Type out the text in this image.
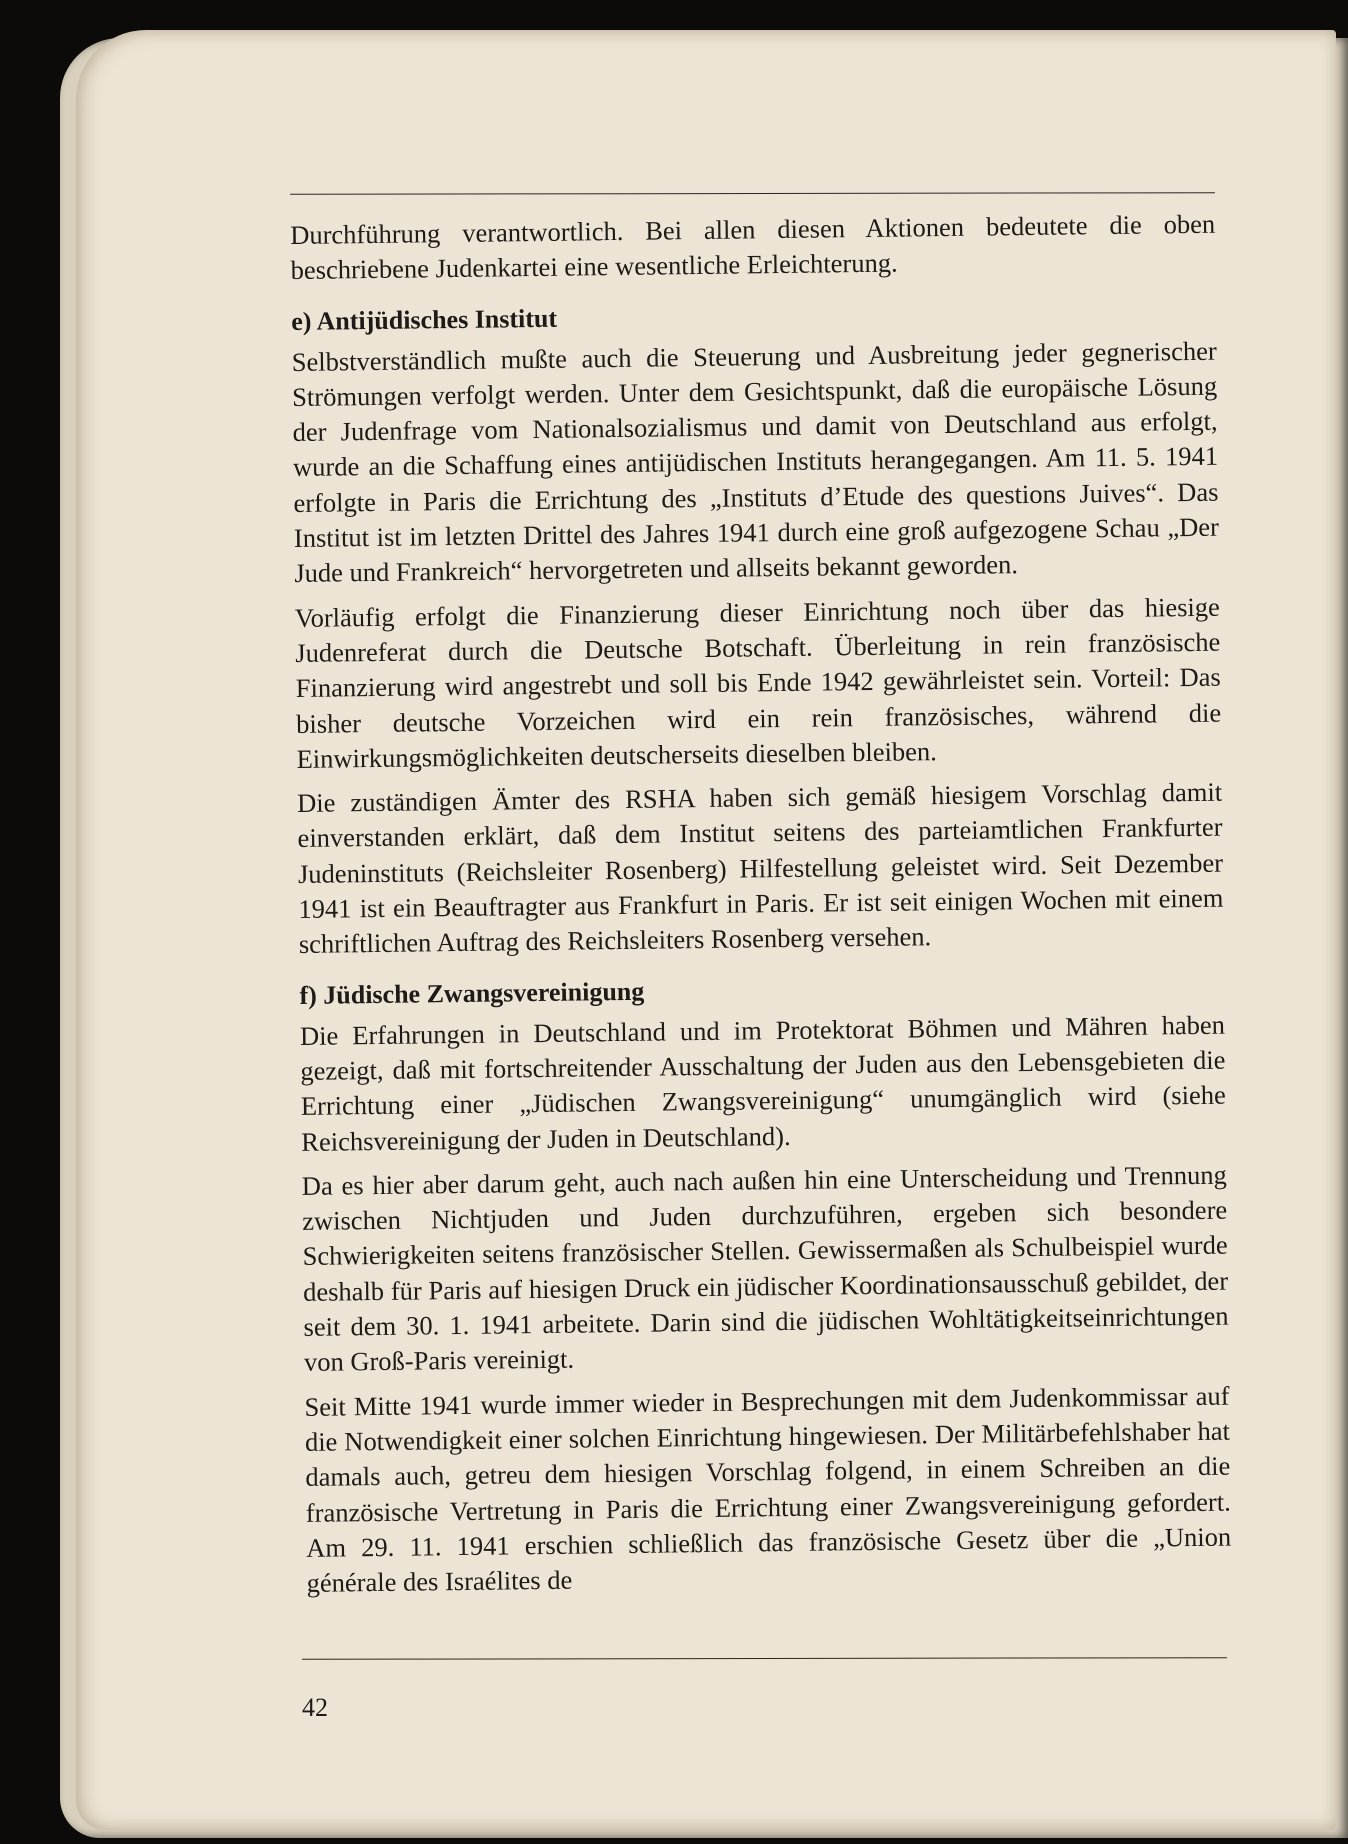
Durchführung verantwortlich. Bei allen diesen Aktionen bedeutete die oben beschriebene Judenkartei eine wesentliche Erleichterung.

e) Antijüdisches Institut

Selbstverständlich mußte auch die Steuerung und Ausbreitung jeder gegnerischer Strömungen verfolgt werden. Unter dem Gesichtspunkt, daß die europäische Lösung der Judenfrage vom Nationalsozialismus und damit von Deutschland aus erfolgt, wurde an die Schaffung eines antijüdischen Instituts herangegangen. Am 11. 5. 1941 erfolgte in Paris die Errichtung des „Instituts d’Etude des questions Juives“. Das Institut ist im letzten Drittel des Jahres 1941 durch eine groß aufgezogene Schau „Der Jude und Frankreich“ hervorgetreten und allseits bekannt geworden.

Vorläufig erfolgt die Finanzierung dieser Einrichtung noch über das hiesige Judenreferat durch die Deutsche Botschaft. Überleitung in rein französische Finanzierung wird angestrebt und soll bis Ende 1942 gewährleistet sein. Vorteil: Das bisher deutsche Vorzeichen wird ein rein französisches, während die Einwirkungsmöglichkeiten deutscherseits dieselben bleiben.

Die zuständigen Ämter des RSHA haben sich gemäß hiesigem Vorschlag damit einverstanden erklärt, daß dem Institut seitens des parteiamtlichen Frankfurter Judeninstituts (Reichsleiter Rosenberg) Hilfestellung geleistet wird. Seit Dezember 1941 ist ein Beauftragter aus Frankfurt in Paris. Er ist seit einigen Wochen mit einem schriftlichen Auftrag des Reichsleiters Rosenberg versehen.

f) Jüdische Zwangsvereinigung

Die Erfahrungen in Deutschland und im Protektorat Böhmen und Mähren haben gezeigt, daß mit fortschreitender Ausschaltung der Juden aus den Lebensgebieten die Errichtung einer „Jüdischen Zwangsvereinigung“ unumgänglich wird (siehe Reichsvereinigung der Juden in Deutschland).

Da es hier aber darum geht, auch nach außen hin eine Unterscheidung und Trennung zwischen Nichtjuden und Juden durchzuführen, ergeben sich besondere Schwierigkeiten seitens französischer Stellen. Gewissermaßen als Schulbeispiel wurde deshalb für Paris auf hiesigen Druck ein jüdischer Koordinationsausschuß gebildet, der seit dem 30. 1. 1941 arbeitete. Darin sind die jüdischen Wohltätigkeitseinrichtungen von Groß-Paris vereinigt.

Seit Mitte 1941 wurde immer wieder in Besprechungen mit dem Judenkommissar auf die Notwendigkeit einer solchen Einrichtung hingewiesen. Der Militärbefehlshaber hat damals auch, getreu dem hiesigen Vorschlag folgend, in einem Schreiben an die französische Vertretung in Paris die Errichtung einer Zwangsvereinigung gefordert. Am 29. 11. 1941 erschien schließlich das französische Gesetz über die „Union générale des Israélites de

42
